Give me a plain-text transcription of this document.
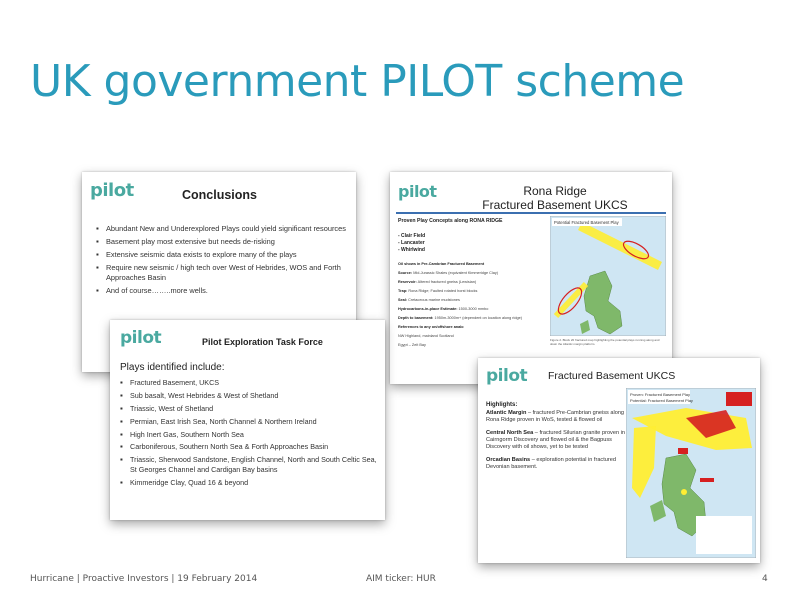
UK government PILOT scheme
pilot	Conclusions
▪ Abundant New and Underexplored Plays could yield significant resources
▪ Basement play most extensive but needs de-risking
▪ Extensive seismic data exists to explore many of the plays
▪ Require new seismic / high tech over West of Hebrides, WOS and Forth Approaches Basin
▪ And of course……..more wells.
pilot	Rona Ridge
Fractured Basement UKCS
Proven Play Concepts along RONA RIDGE
- Clair Field
- Lancaster
- Whirlwind

Oil shows in Pre-Cambrian Fractured Basement

Source: Mid-Jurassic Shales (equivalent Kimmeridge Clay)

Reservoir: Altered fractured gneiss (Lewisian)

Trap: Rona Ridge; Faulted rotated horst blocks

Seal: Cretaceous marine mudstones

Hydrocarbons-in-place Estimate: 1500-3000 mmbo

Depth to basement: 1950m-3000m+ (dependent on location along ridge)

References to any on/offshore analo

NW Highland, mainland Scotland

Egypt – Zeit Bay

Potential Fractured Basement Play
Figure 2. Block 20 fractured map highlighting the potential plays running along and down the Atlantic margin platform.
pilot	Pilot Exploration Task Force
Plays identified include:
▪ Fractured Basement, UKCS
▪ Sub basalt, West Hebrides & West of Shetland
▪ Triassic, West of Shetland
▪ Permian, East Irish Sea, North Channel & Northern Ireland
▪ High Inert Gas, Southern North Sea
▪ Carboniferous, Southern North Sea & Forth Approaches Basin
▪ Triassic, Sherwood Sandstone, English Channel, North and South Celtic Sea, St Georges Channel and Cardigan Bay basins
▪ Kimmeridge Clay, Quad 16 & beyond
pilot Fractured Basement UKCS
Highlights:

Atlantic Margin – fractured Pre-Cambrian gneiss along Rona Ridge proven in WoS, tested & flowed oil

Central North Sea – fractured Silurian granite proven in Cairngorm Discovery and flowed oil & the Bagpuss Discovery with oil shows, yet to be tested

Orcadian Basins – exploration potential in fractured Devonian basement.

Proven: Fractured Basement Play
Potential: Fractured Basement Play
Hurricane | Proactive Investors | 19 February 2014	AIM ticker: HUR	4
